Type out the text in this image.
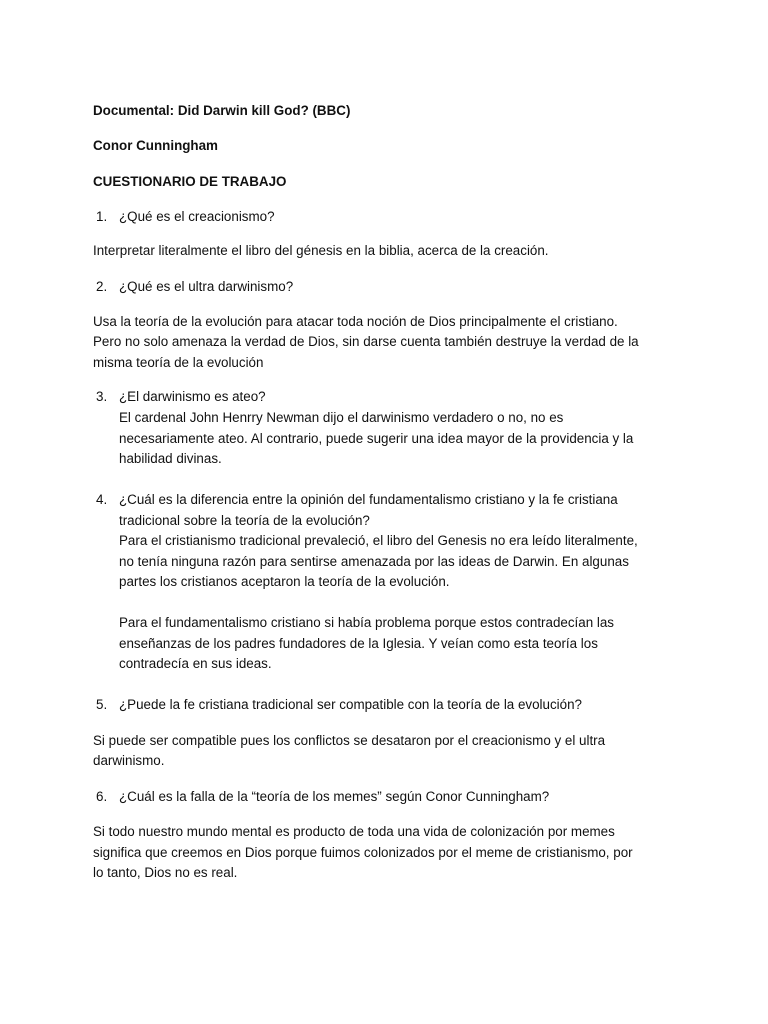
Documental: Did Darwin kill God? (BBC)
Conor Cunningham
CUESTIONARIO DE TRABAJO
1. ¿Qué es el creacionismo?
Interpretar literalmente el libro del génesis en la biblia, acerca de la creación.
2. ¿Qué es el ultra darwinismo?
Usa la teoría de la evolución para atacar toda noción de Dios principalmente el cristiano.
Pero no solo amenaza la verdad de Dios, sin darse cuenta también destruye la verdad de la
misma teoría de la evolución
3. ¿El darwinismo es ateo?
El cardenal John Henrry Newman dijo el darwinismo verdadero o no, no es
necesariamente ateo. Al contrario, puede sugerir una idea mayor de la providencia y la
habilidad divinas.
4. ¿Cuál es la diferencia entre la opinión del fundamentalismo cristiano y la fe cristiana
tradicional sobre la teoría de la evolución?
Para el cristianismo tradicional prevaleció, el libro del Genesis no era leído literalmente,
no tenía ninguna razón para sentirse amenazada por las ideas de Darwin. En algunas
partes los cristianos aceptaron la teoría de la evolución.
Para el fundamentalismo cristiano si había problema porque estos contradecían las
enseñanzas de los padres fundadores de la Iglesia. Y veían como esta teoría los
contradecía en sus ideas.
5. ¿Puede la fe cristiana tradicional ser compatible con la teoría de la evolución?
Si puede ser compatible pues los conflictos se desataron por el creacionismo y el ultra
darwinismo.
6. ¿Cuál es la falla de la “teoría de los memes” según Conor Cunningham?
Si todo nuestro mundo mental es producto de toda una vida de colonización por memes
significa que creemos en Dios porque fuimos colonizados por el meme de cristianismo, por
lo tanto, Dios no es real.
